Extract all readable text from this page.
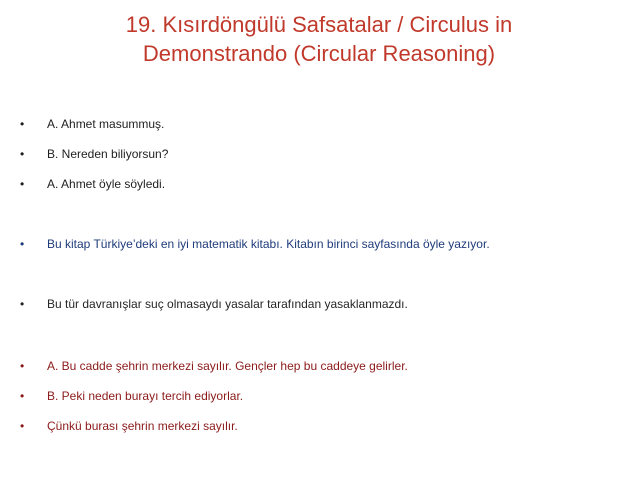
19. Kısırdöngülü Safsatalar / Circulus in
Demonstrando (Circular Reasoning)
• A. Ahmet masummuş.
• B. Nereden biliyorsun?
• A. Ahmet öyle söyledi.
• Bu kitap Türkiye’deki en iyi matematik kitabı. Kitabın birinci sayfasında öyle yazıyor.
• Bu tür davranışlar suç olmasaydı yasalar tarafından yasaklanmazdı.
• A. Bu cadde şehrin merkezi sayılır. Gençler hep bu caddeye gelirler.
• B. Peki neden burayı tercih ediyorlar.
• Çünkü burası şehrin merkezi sayılır.
